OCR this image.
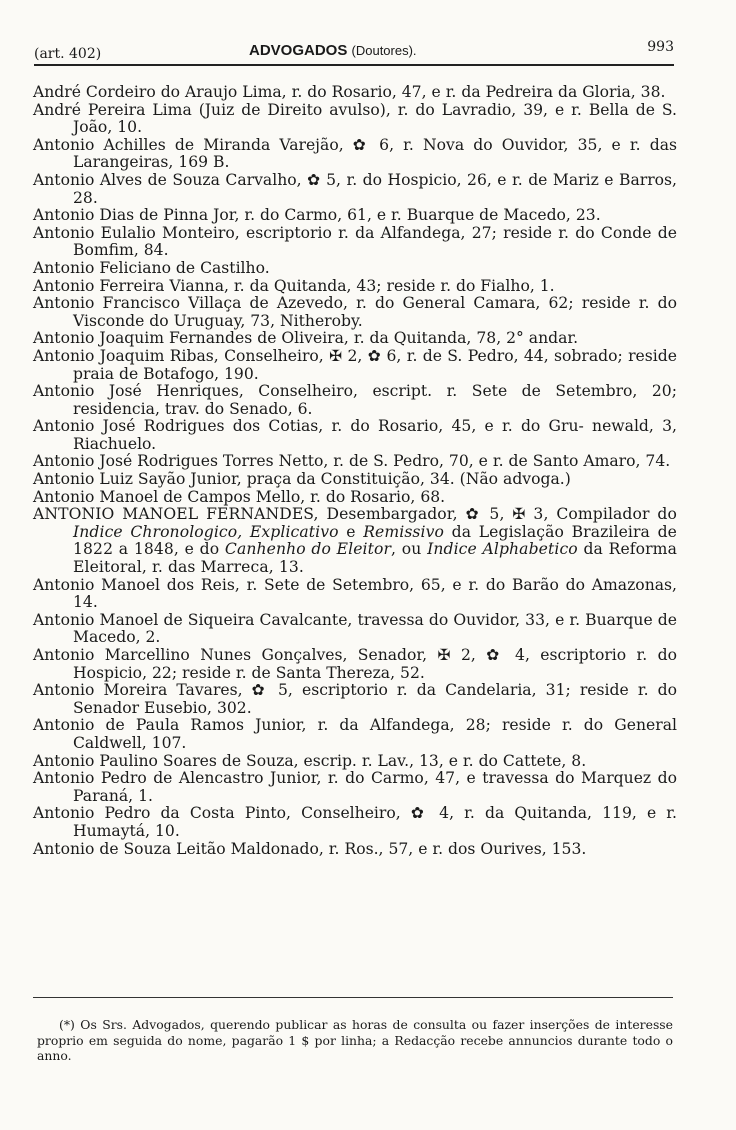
(art. 402)	ADVOGADOS (Doutores).	993

André Cordeiro do Araujo Lima, r. do Rosario, 47, e r. da Pedreira da Gloria, 38.

André Pereira Lima (Juiz de Direito avulso), r. do Lavradio, 39, e r. Bella de S. João, 10.

Antonio Achilles de Miranda Varejão, ✿ 6, r. Nova do Ouvidor, 35, e r. das Larangeiras, 169 B.

Antonio Alves de Souza Carvalho, ✿ 5, r. do Hospicio, 26, e r. de Mariz e Barros, 28.

Antonio Dias de Pinna Jor, r. do Carmo, 61, e r. Buarque de Macedo, 23.

Antonio Eulalio Monteiro, escriptorio r. da Alfandega, 27; reside r. do Conde de Bomfim, 84.

Antonio Feliciano de Castilho.

Antonio Ferreira Vianna, r. da Quitanda, 43; reside r. do Fialho, 1.

Antonio Francisco Villaça de Azevedo, r. do General Camara, 62; reside r. do Visconde do Uruguay, 73, Nitheroby.

Antonio Joaquim Fernandes de Oliveira, r. da Quitanda, 78, 2° andar.

Antonio Joaquim Ribas, Conselheiro, ✠ 2, ✿ 6, r. de S. Pedro, 44, sobrado; reside praia de Botafogo, 190.

Antonio José Henriques, Conselheiro, escript. r. Sete de Setembro, 20; residencia, trav. do Senado, 6.

Antonio José Rodrigues dos Cotias, r. do Rosario, 45, e r. do Gru- newald, 3, Riachuelo.

Antonio José Rodrigues Torres Netto, r. de S. Pedro, 70, e r. de Santo Amaro, 74.

Antonio Luiz Sayão Junior, praça da Constituição, 34. (Não advoga.)

Antonio Manoel de Campos Mello, r. do Rosario, 68.

ANTONIO MANOEL FERNANDES, Desembargador, ✿ 5, ✠ 3, Compilador do Indice Chronologico, Explicativo e Remissivo da Legislação Brazileira de 1822 a 1848, e do Canhenho do Eleitor, ou Indice Alphabetico da Reforma Eleitoral, r. das Marreca, 13.

Antonio Manoel dos Reis, r. Sete de Setembro, 65, e r. do Barão do Amazonas, 14.

Antonio Manoel de Siqueira Cavalcante, travessa do Ouvidor, 33, e r. Buarque de Macedo, 2.

Antonio Marcellino Nunes Gonçalves, Senador, ✠ 2, ✿ 4, escriptorio r. do Hospicio, 22; reside r. de Santa Thereza, 52.

Antonio Moreira Tavares, ✿ 5, escriptorio r. da Candelaria, 31; reside r. do Senador Eusebio, 302.

Antonio de Paula Ramos Junior, r. da Alfandega, 28; reside r. do General Caldwell, 107.

Antonio Paulino Soares de Souza, escrip. r. Lav., 13, e r. do Cattete, 8.

Antonio Pedro de Alencastro Junior, r. do Carmo, 47, e travessa do Marquez do Paraná, 1.

Antonio Pedro da Costa Pinto, Conselheiro, ✿ 4, r. da Quitanda, 119, e r. Humaytá, 10.

Antonio de Souza Leitão Maldonado, r. Ros., 57, e r. dos Ourives, 153.

(*) Os Srs. Advogados, querendo publicar as horas de consulta ou fazer inserções de interesse proprio em seguida do nome, pagarão 1 $ por linha; a Redacção recebe annuncios durante todo o anno.
